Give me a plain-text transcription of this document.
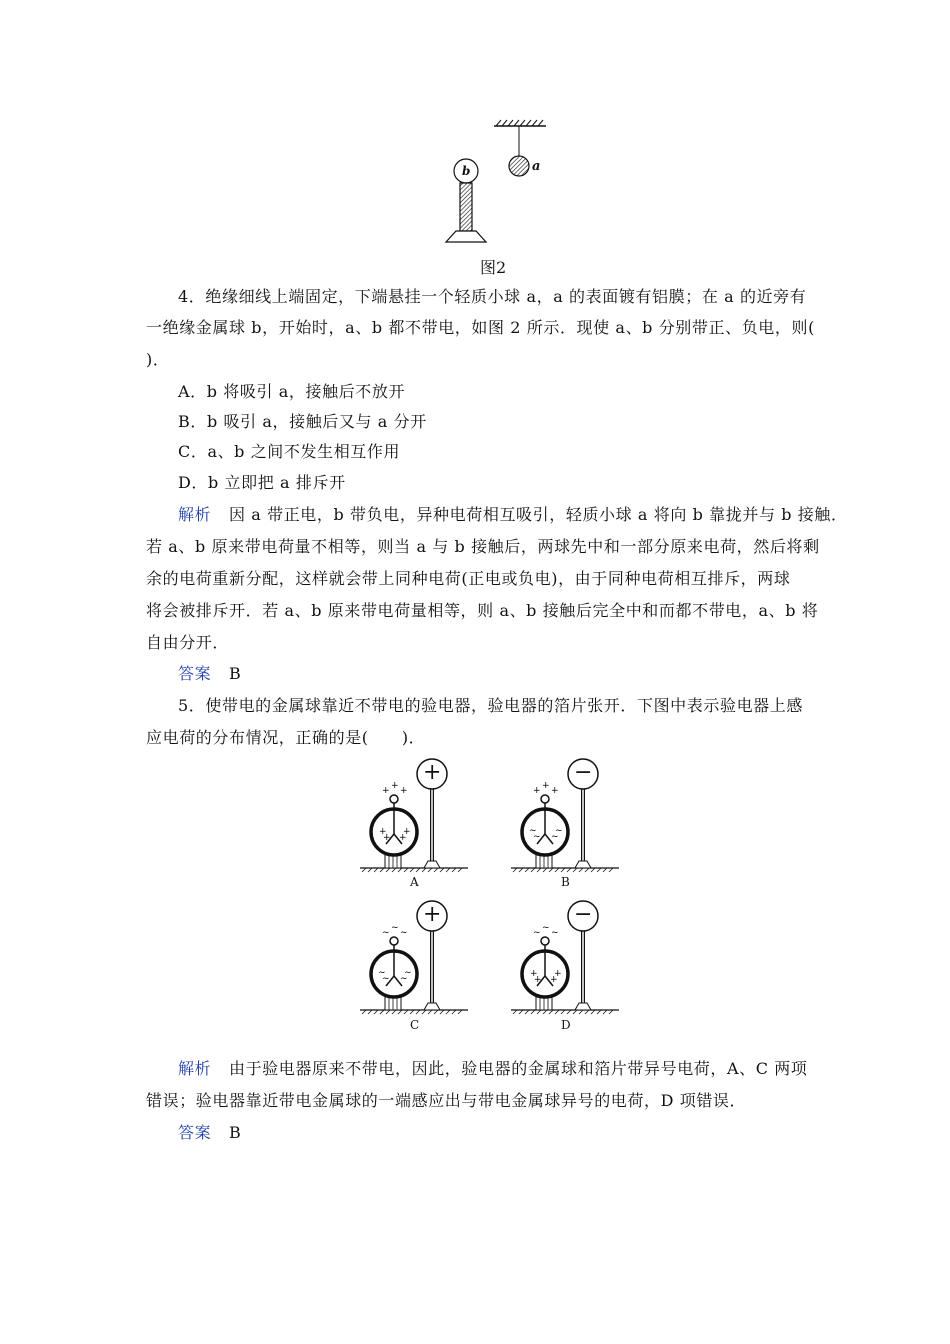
b	a
图2
4．绝缘细线上端固定，下端悬挂一个轻质小球 a，a 的表面镀有铝膜；在 a 的近旁有
一绝缘金属球 b，开始时，a、b 都不带电，如图 2 所示．现使 a、b 分别带正、负电，则(
)．
A．b 将吸引 a，接触后不放开
B．b 吸引 a，接触后又与 a 分开
C．a、b 之间不发生相互作用
D．b 立即把 a 排斥开
解析 因 a 带正电，b 带负电，异种电荷相互吸引，轻质小球 a 将向 b 靠拢并与 b 接触．
若 a、b 原来带电荷量不相等，则当 a 与 b 接触后，两球先中和一部分原来电荷，然后将剩
余的电荷重新分配，这样就会带上同种电荷(正电或负电)，由于同种电荷相互排斥，两球
将会被排斥开．若 a、b 原来带电荷量相等，则 a、b 接触后完全中和而都不带电，a、b 将
自由分开．
答案 B
5．使带电的金属球靠近不带电的验电器，验电器的箔片张开．下图中表示验电器上感
应电荷的分布情况，正确的是(　　)．
+ + +
+ +
+ +
+
A
+ + +
~ ~
~ ~
−
B
~ ~ ~
~ ~
~ ~
+
C
~ ~ ~
+ +
+ +
−
D
解析 由于验电器原来不带电，因此，验电器的金属球和箔片带异号电荷，A、C 两项
错误；验电器靠近带电金属球的一端感应出与带电金属球异号的电荷，D 项错误．
答案 B
